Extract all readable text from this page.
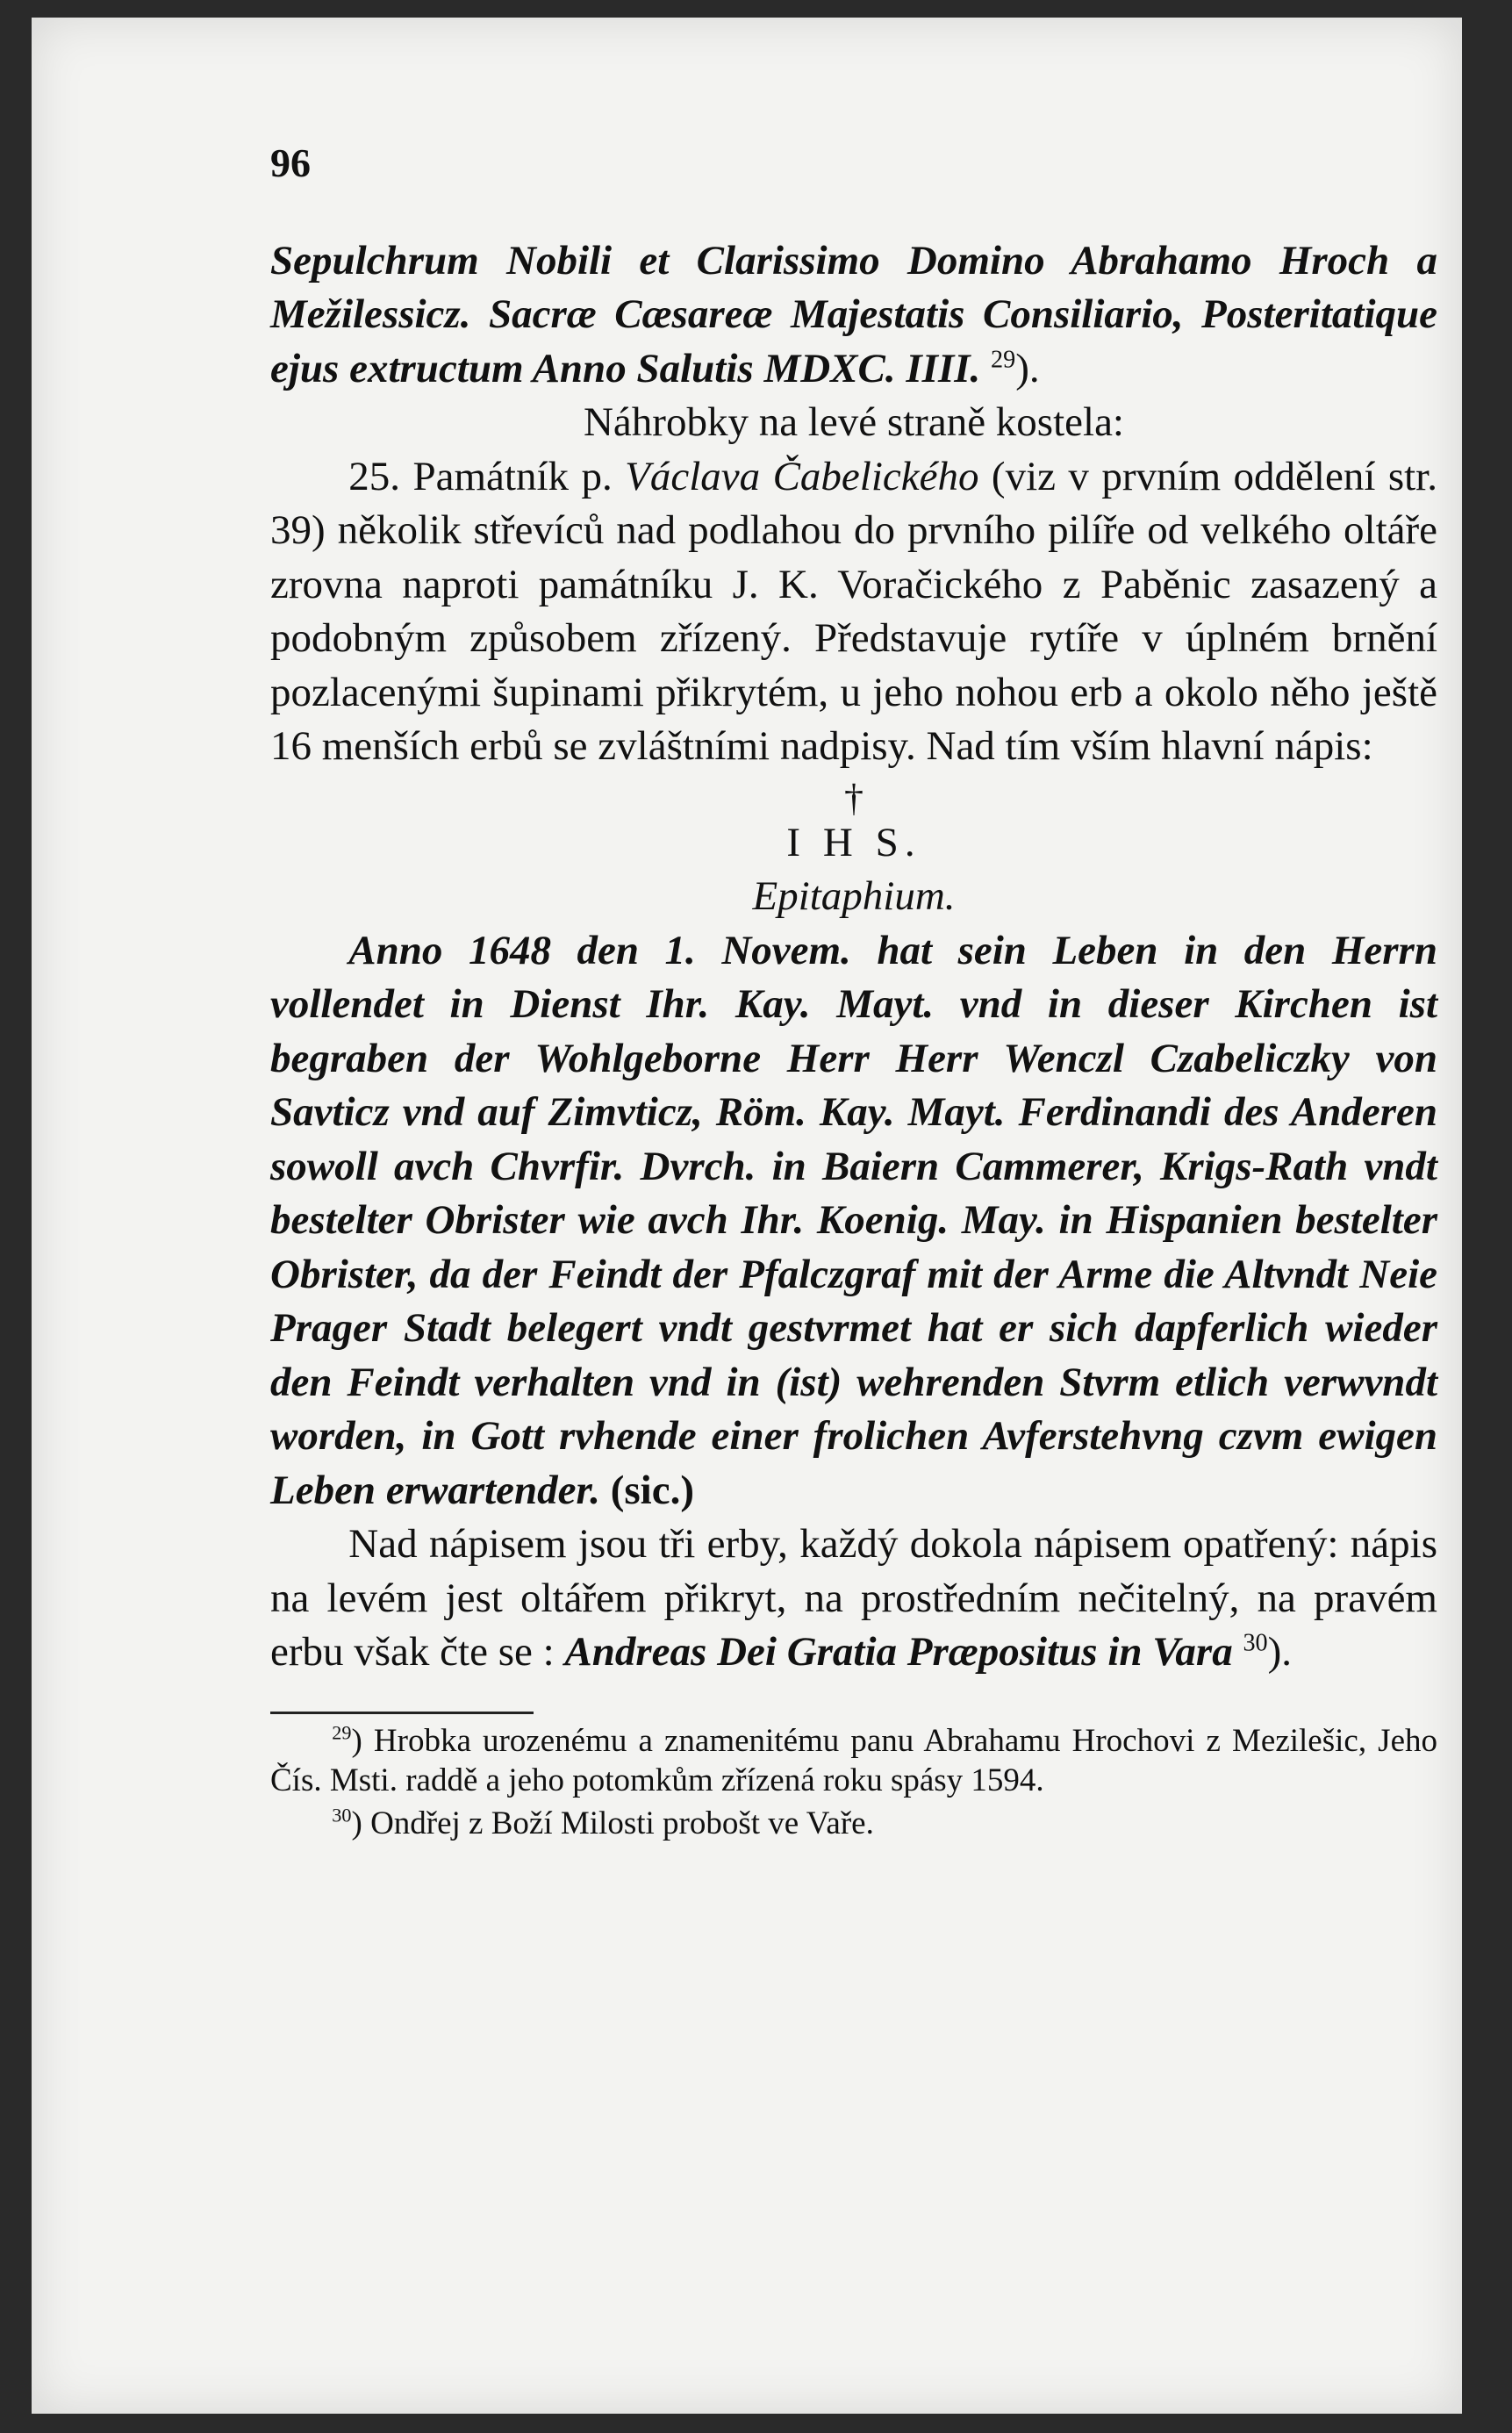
96

Sepulchrum Nobili et Clarissimo Domino Abrahamo Hroch a Mežilessicz. Sacræ Cæsareæ Majestatis Consiliario, Posteritatique ejus extructum Anno Salutis MDXC. IIII. $^{29}$).

Náhrobky na levé straně kostela:

25. Památník p. Václava Čabelického (viz v prvním oddělení str. 39) několik střevíců nad podlahou do prvního pilíře od velkého oltáře zrovna naproti památníku J. K. Voračického z Paběnic zasazený a podobným způsobem zřízený. Představuje rytíře v úplném brnění pozlacenými šupinami přikrytém, u jeho nohou erb a okolo něho ještě 16 menších erbů se zvláštními nadpisy. Nad tím vším hlavní nápis:

†
I H S.
Epitaphium.

Anno 1648 den 1. Novem. hat sein Leben in den Herrn vollendet in Dienst Ihr. Kay. Mayt. vnd in dieser Kirchen ist begraben der Wohlgeborne Herr Herr Wenczl Czabeliczky von Savticz vnd auf Zimvticz, Röm. Kay. Mayt. Ferdinandi des Anderen sowoll avch Chvrfir. Dvrch. in Baiern Cammerer, Krigs-Rath vndt bestelter Obrister wie avch Ihr. Koenig. May. in Hispanien bestelter Obrister, da der Feindt der Pfalczgraf mit der Arme die Altvndt Neie Prager Stadt belegert vndt gestvrmet hat er sich dapferlich wieder den Feindt verhalten vnd in (ist) wehrenden Stvrm etlich verwvndt worden, in Gott rvhende einer frolichen Avferstehvng czvm ewigen Leben erwartender. (sic.)

Nad nápisem jsou tři erby, každý dokola nápisem opatřený: nápis na levém jest oltářem přikryt, na prostředním nečitelný, na pravém erbu však čte se : Andreas Dei Gratia Præpositus in Vara $^{30}$).

$^{29}$) Hrobka urozenému a znamenitému panu Abrahamu Hrochovi z Mezilešic, Jeho Čís. Msti. raddě a jeho potomkům zřízená roku spásy 1594.

$^{30}$) Ondřej z Boží Milosti probošt ve Vaře.
